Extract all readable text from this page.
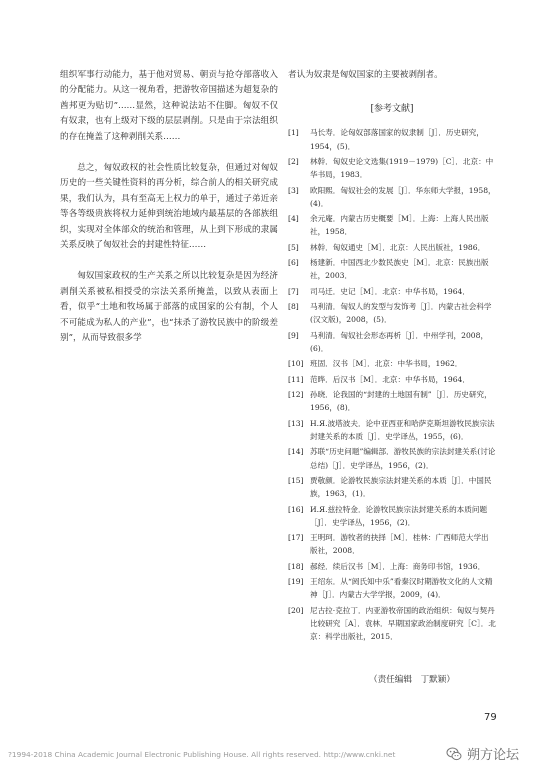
组织军事行动能力，基于他对贸易、朝贡与抢夺部落收入的分配能力。从这一视角看，把游牧帝国描述为超复杂的酋邦更为贴切”……显然，这种说法站不住脚。匈奴不仅有奴隶，也有上级对下级的层层剥削。只是由于宗法组织的存在掩盖了这种剥削关系……

总之，匈奴政权的社会性质比较复杂，但通过对匈奴历史的一些关键性资料的再分析，综合前人的相关研究成果，我们认为，具有至高无上权力的单于，通过子弟近亲等各等级贵族将权力延伸到统治地域内最基层的各部族组织，实现对全体部众的统治和管理，从上到下形成的隶属关系反映了匈奴社会的封建性特征……

匈奴国家政权的生产关系之所以比较复杂是因为经济剥削关系被私相授受的宗法关系所掩盖，以致从表面上看，似乎“土地和牧场属于部落的成国家的公有制，个人不可能成为私人的产业”，也“抹杀了游牧民族中的阶级差别”，从而导致很多学

者认为奴隶是匈奴国家的主要被剥削者。

[参考文献]
[1]	马长寿．论匈奴部落国家的奴隶制［J］．历史研究，1954，(5)．
[2]	林幹．匈奴史论文选集(1919－1979)［C］．北京：中华书局，1983．
[3]	欧阳熙．匈奴社会的发展［J］．华东师大学报，1958，(4)．
[4]	余元庵．内蒙古历史概要［M］．上海：上海人民出版社，1958．
[5]	林幹．匈奴通史［M］．北京：人民出版社，1986．
[6]	杨建新．中国西北少数民族史［M］．北京：民族出版社，2003．
[7]	司马迁．史记［M］．北京：中华书局，1964．
[8]	马利清．匈奴人的发型与发饰考［J］．内蒙古社会科学(汉文版)，2008，(5)．
[9]	马利清．匈奴社会形态再析［J］．中州学刊，2008，(6)．
[10] 班固．汉书［M］．北京：中华书局，1962．
[11] 范晔．后汉书［M］．北京：中华书局，1964．
[12] 孙晓．论我国的“封建的土地国有制”［J］．历史研究，1956，(8)．
[13] Н.Я.波塔波夫．论中亚西亚和哈萨克斯坦游牧民族宗法封建关系的本质［J］．史学译丛，1955，(6)．
[14] 苏联“历史问题”编辑部．游牧民族的宗法封建关系(讨论总结)［J］．史学译丛，1956，(2)．
[15] 贾敬颜．论游牧民族宗法封建关系的本质［J］．中国民族，1963，(1)．
[16] И.Я.兹拉特金．论游牧民族宗法封建关系的本质问题［J］．史学译丛，1956，(2)．
[17] 王明珂．游牧者的抉择［M］．桂林：广西师范大学出版社，2008．
[18] 郝经．续后汉书［M］．上海：商务印书馆，1936．
[19] 王绍东．从“阏氏知中乐”看秦汉时期游牧文化的人文精神［J］．内蒙古大学学报，2009，(4)．
[20] 尼古拉·克拉丁．内亚游牧帝国的政治组织：匈奴与契丹比较研究［A］．袁林．早期国家政治制度研究［C］．北京：科学出版社，2015．
（责任编辑　丁默颖）
79
?1994-2018 China Academic Journal Electronic Publishing House. All rights reserved. http://www.cnki.net	朔方论坛
